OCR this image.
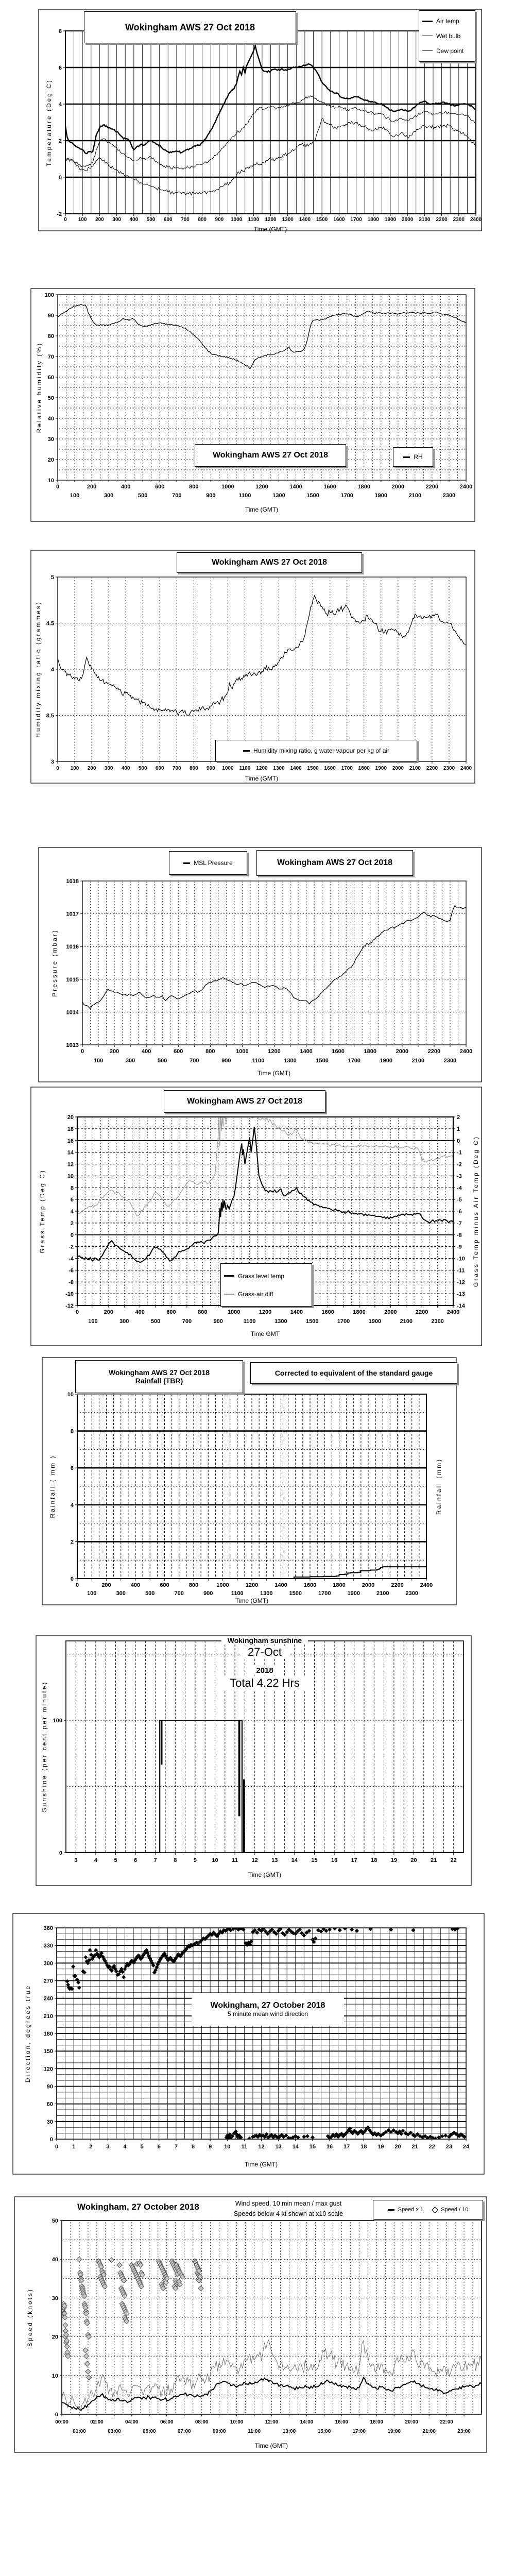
0 100 200 300 400 500 600 700 800 900 1000 1100 1200 1300 1400 1500 1600 1700 1800 1900 2000 2100 2200 2300 2400
-2
0
2
4
6
8	Wokingham AWS 27 Oct 2018
Air temp
Wet bulb
Dew point
Temperature (Deg C)
Time (GMT)
0	200	400	600	800	1000	1200	1400	1600	1800	2000	2200	2400
100	300	500	700	900	1100	1300	1500	1700	1900	2100	2300
10
20
30
40
50
60
70
80
90
100
Wokingham AWS 27 Oct 2018	RH
Relative humidity (%)
Time (GMT)
0 100 200 300 400 500 600 700 800 900 1000 1100 1200 1300 1400 1500 1600 1700 1800 1900 2000 2100 2200 2300 2400
3
3.5
4
4.5
5
Wokingham AWS 27 Oct 2018
Humidity mixing ratio, g water vapour per kg of air
Humidity mixing ratio (grammes)
Time (GMT)
0	200	400	600	800	1000	1200	1400	1600	1800	2000	2200	2400
100	300	500	700	900	1100	1300	1500	1700	1900	2100	2300
1013
1014
1015
1016
1017
1018
MSL Pressure	Wokingham AWS 27 Oct 2018
Pressure (mbar)
Time (GMT)
0	200	400	600	800	1000	1200	1400	1600	1800	2000	2200	2400
100	300	500	700	900	1100	1300	1500	1700	1900	2100	2300
-12
-10
-8
-6
-4
-2
0
2
4
6
8
10
12
14
16
18
20
-14
-13
-12
-11
-10
-9
-8
-7
-6
-5
-4
-3
-2
-1
0
1
2
Wokingham AWS 27 Oct 2018
Grass level temp
Grass-air diff
Grass Temp (Deg C)	Grass Temp minus Air Temp (Deg C)
Time GMT
0	200	400	600	800	1000	1200	1400	1600	1800	2000	2200	2400
100	300	500	700	900	1100	1300	1500	1700	1900	2100	2300
0
2
4
6
8
10
Wokingham AWS 27 Oct 2018
Rainfall (TBR)
Corrected to equivalent of the standard gauge
Rainfall ( mm )	Rainfall (mm)
Time (GMT)
3	4	5	6	7	8	9	10 11 12 13 14 15 16 17 18 19 20 21 22
0
100
Wokingham sunshine
27-Oct
2018
Total 4.22 Hrs
Sunshine (per cent per minute)
Time (GMT)
0 1 2 3 4 5 6 7 8 9 10 11 12 13 14 15 16 17 18 19 20 21 22 23 24
0
30
60
90
120
150
180
210
240
270
300
330
360
Wokingham, 27 October 2018
5 minute mean wind direction
Direction, degrees true
Time (GMT)
00:00	02:00	04:00	06:00	08:00	10:00	12:00	14:00	16:00	18:00	20:00	22:00
01:00	03:00	05:00	07:00	09:00	11:00	13:00	15:00	17:00	19:00	21:00	23:00
0
10
20
30
40
50
Wokingham, 27 October 2018	Wind speed, 10 min mean / max gust
Speeds below 4 kt shown at x10 scale
Speed x 1	Speed / 10
Speed (knots)
Time (GMT)
